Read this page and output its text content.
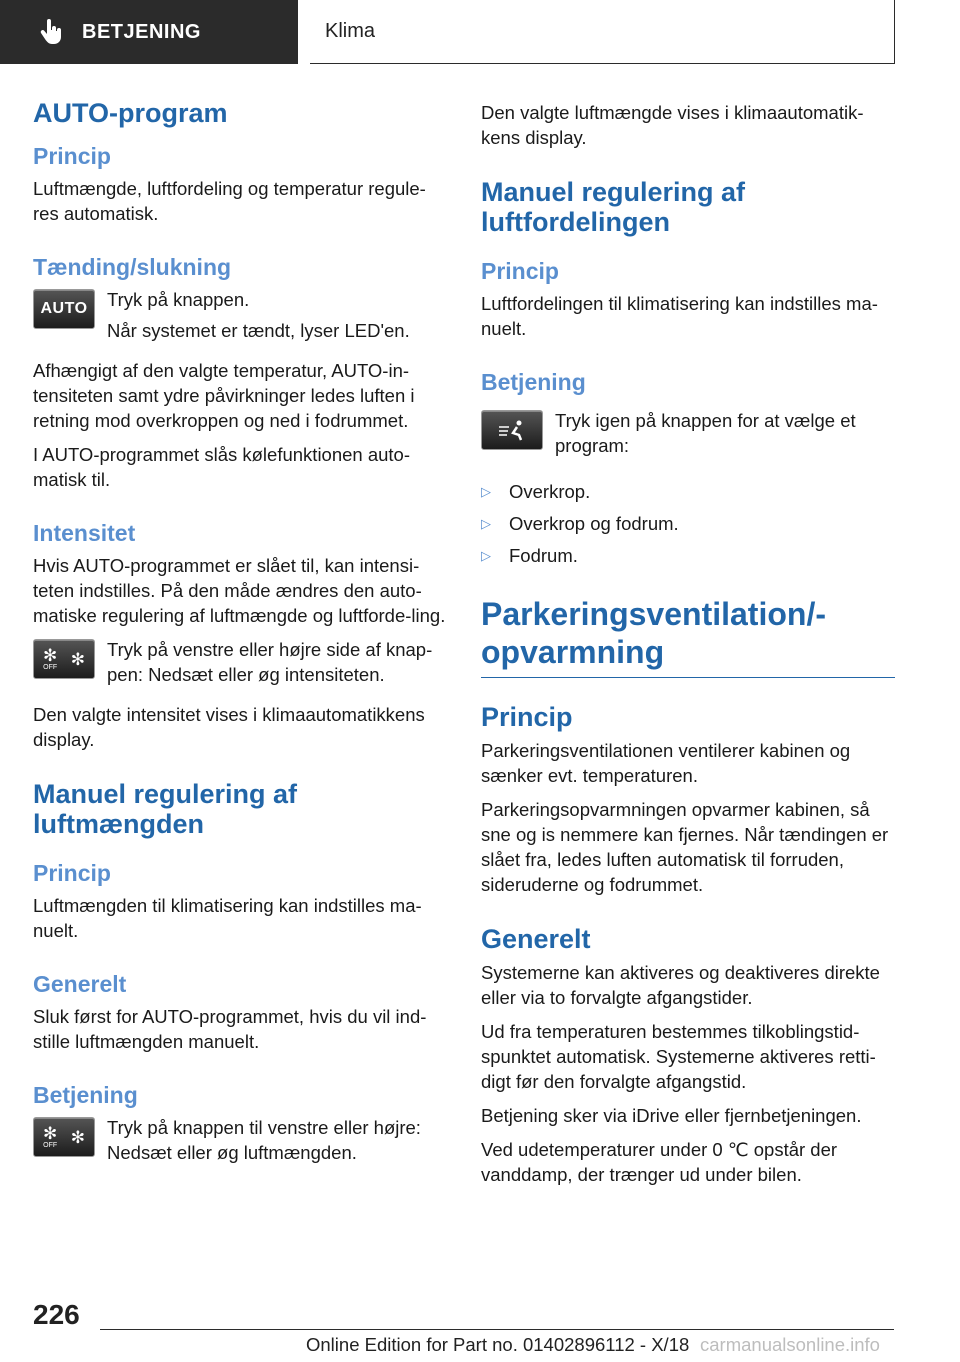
BETJENING	Klima
AUTO-program
Princip

Luftmængde, luftfordeling og temperatur regule-res automatisk.

Tænding/slukning
AUTO Tryk på knappen.

Når systemet er tændt, lyser LED'en.

Afhængigt af den valgte temperatur, AUTO-in-tensiteten samt ydre påvirkninger ledes luften i retning mod overkroppen og ned i fodrummet.

I AUTO-programmet slås kølefunktionen auto-matisk til.

Intensitet

Hvis AUTO-programmet er slået til, kan intensi-teten indstilles. På den måde ændres den auto-matiske regulering af luftmængde og luftforde-ling.

✻
OFF ✻ Tryk på venstre eller højre side af knap-pen: Nedsæt eller øg intensiteten.

Den valgte intensitet vises i klimaautomatikkens display.

Manuel regulering af luftmængden
Princip

Luftmængden til klimatisering kan indstilles ma-nuelt.

Generelt

Sluk først for AUTO-programmet, hvis du vil ind-stille luftmængden manuelt.

Betjening
✻
OFF ✻ Tryk på knappen til venstre eller højre: Nedsæt eller øg luftmængden.

Den valgte luftmængde vises i klimaautomatik-kens display.

Manuel regulering af luftfordelingen
Princip

Luftfordelingen til klimatisering kan indstilles ma-nuelt.

Betjening

Tryk igen på knappen for at vælge et program:

▷ Overkrop.
▷ Overkrop og fodrum.
▷ Fodrum.
Parkeringsventilation/-opvarmning
Princip

Parkeringsventilationen ventilerer kabinen og sænker evt. temperaturen.

Parkeringsopvarmningen opvarmer kabinen, så sne og is nemmere kan fjernes. Når tændingen er slået fra, ledes luften automatisk til forruden, sideruderne og fodrummet.

Generelt

Systemerne kan aktiveres og deaktiveres direkte eller via to forvalgte afgangstider.

Ud fra temperaturen bestemmes tilkoblingstid-spunktet automatisk. Systemerne aktiveres retti-digt før den forvalgte afgangstid.

Betjening sker via iDrive eller fjernbetjeningen.

Ved udetemperaturer under 0 ℃ opstår der vanddamp, der trænger ud under bilen.

226
Online Edition for Part no. 01402896112 - X/18 carmanualsonline.info
